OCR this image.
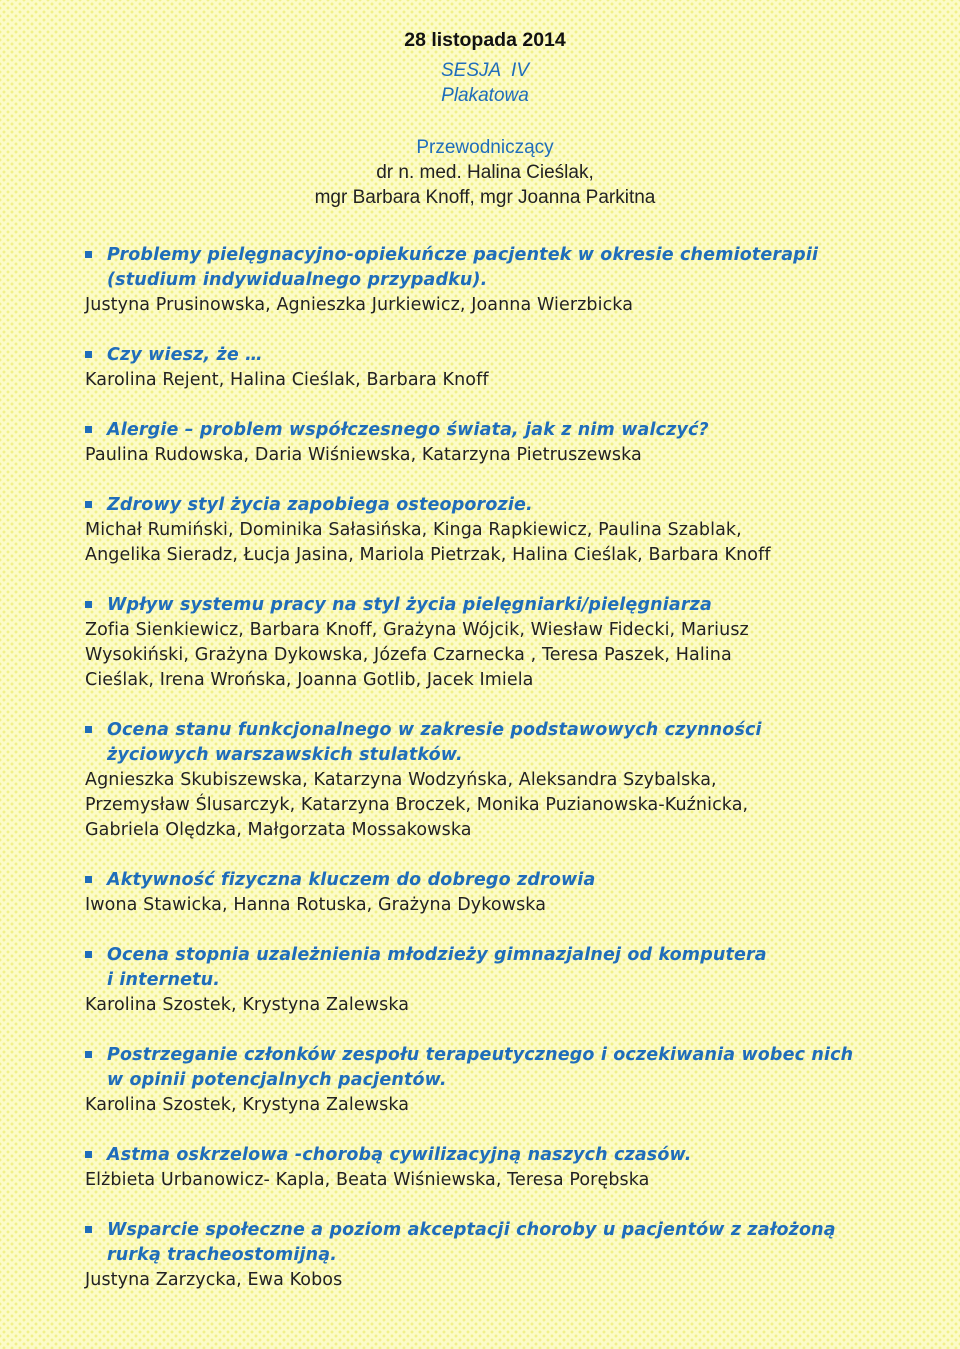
28 listopada 2014
SESJA  IV
Plakatowa
Przewodniczący
dr n. med. Halina Cieślak,
mgr Barbara Knoff, mgr Joanna Parkitna
Problemy pielęgnacyjno-opiekuńcze pacjentek w okresie chemioterapii
(studium indywidualnego przypadku).
Justyna Prusinowska, Agnieszka Jurkiewicz, Joanna Wierzbicka
Czy wiesz, że …
Karolina Rejent, Halina Cieślak, Barbara Knoff
Alergie – problem współczesnego świata, jak z nim walczyć?
Paulina Rudowska, Daria Wiśniewska, Katarzyna Pietruszewska
Zdrowy styl życia zapobiega osteoporozie.
Michał Rumiński, Dominika Sałasińska, Kinga Rapkiewicz, Paulina Szablak,
Angelika Sieradz, Łucja Jasina, Mariola Pietrzak, Halina Cieślak, Barbara Knoff
Wpływ systemu pracy na styl życia pielęgniarki/pielęgniarza
Zofia Sienkiewicz, Barbara Knoff, Grażyna Wójcik, Wiesław Fidecki, Mariusz
Wysokiński, Grażyna Dykowska, Józefa Czarnecka , Teresa Paszek, Halina
Cieślak, Irena Wrońska, Joanna Gotlib, Jacek Imiela
Ocena stanu funkcjonalnego w zakresie podstawowych czynności
życiowych warszawskich stulatków.
Agnieszka Skubiszewska, Katarzyna Wodzyńska, Aleksandra Szybalska,
Przemysław Ślusarczyk, Katarzyna Broczek, Monika Puzianowska-Kuźnicka,
Gabriela Olędzka, Małgorzata Mossakowska
Aktywność fizyczna kluczem do dobrego zdrowia
Iwona Stawicka, Hanna Rotuska, Grażyna Dykowska
Ocena stopnia uzależnienia młodzieży gimnazjalnej od komputera
i internetu.
Karolina Szostek, Krystyna Zalewska
Postrzeganie członków zespołu terapeutycznego i oczekiwania wobec nich
w opinii potencjalnych pacjentów.
Karolina Szostek, Krystyna Zalewska
Astma oskrzelowa -chorobą cywilizacyjną naszych czasów.
Elżbieta Urbanowicz- Kapla, Beata Wiśniewska, Teresa Porębska
Wsparcie społeczne a poziom akceptacji choroby u pacjentów z założoną
rurką tracheostomijną.
Justyna Zarzycka, Ewa Kobos
